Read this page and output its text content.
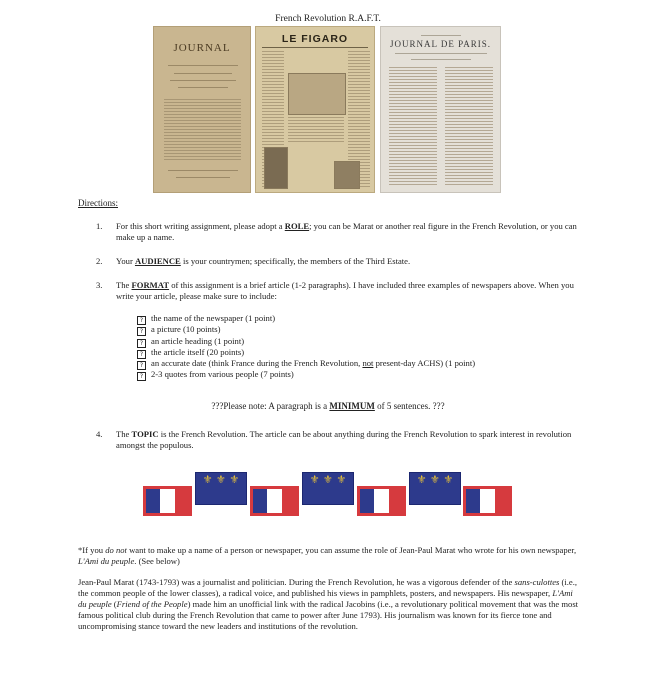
French Revolution R.A.F.T.
JOURNAL
LE FIGARO	JOURNAL DE PARIS.
Directions:
1. For this short writing assignment, please adopt a ROLE; you can be Marat or another real figure in the French Revolution, or you can make up a name.
2. Your AUDIENCE is your countrymen; specifically, the members of the Third Estate.
3. The FORMAT of this assignment is a brief article (1-2 paragraphs). I have included three examples of newspapers above. When you write your article, please make sure to include:
? the name of the newspaper (1 point)
? a picture (10 points)
? an article heading (1 point)
? the article itself (20 points)
? an accurate date (think France during the French Revolution, not present-day ACHS) (1 point)
? 2-3 quotes from various people (7 points)
???Please note: A paragraph is a MINIMUM of 5 sentences. ???
4. The TOPIC is the French Revolution. The article can be about anything during the French Revolution to spark interest in revolution amongst the populous.
⚜ ⚜ ⚜	⚜ ⚜ ⚜	⚜ ⚜ ⚜
*If you do not want to make up a name of a person or newspaper, you can assume the role of Jean-Paul Marat who wrote for his own newspaper, L'Ami du peuple. (See below)
Jean-Paul Marat (1743-1793) was a journalist and politician. During the French Revolution, he was a vigorous defender of the sans-culottes (i.e., the common people of the lower classes), a radical voice, and published his views in pamphlets, posters, and newspapers. His newspaper, L'Ami du peuple (Friend of the People) made him an unofficial link with the radical Jacobins (i.e., a revolutionary political movement that was the most famous political club during the French Revolution that came to power after June 1793). His journalism was known for its fierce tone and uncompromising stance toward the new leaders and institutions of the revolution.
